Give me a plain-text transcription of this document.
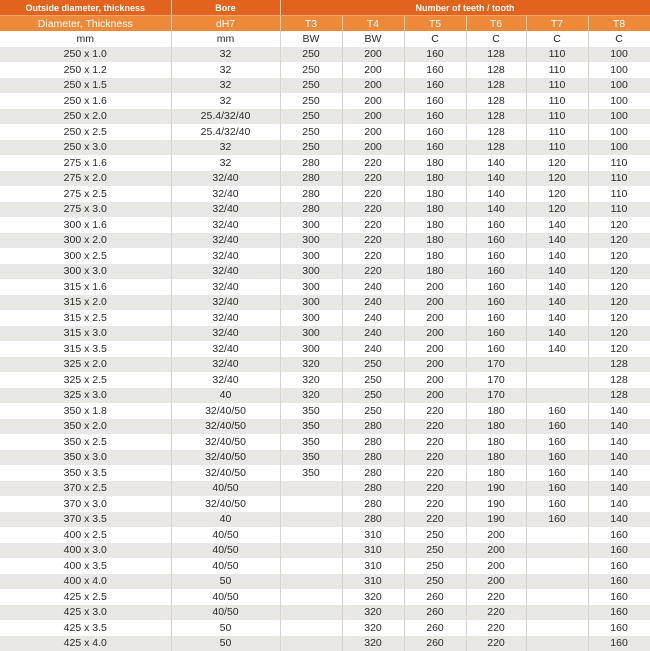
Outside diameter, thickness	Bore	Number of teeth / tooth					
Diameter, Thickness	dH7	T3	T4	T5	T6	T7	T8
mm	mm	BW	BW	C	C	C	C
250 x 1.0	32	250	200	160	128	110	100
250 x 1.2	32	250	200	160	128	110	100
250 x 1.5	32	250	200	160	128	110	100
250 x 1.6	32	250	200	160	128	110	100
250 x 2.0	25.4/32/40	250	200	160	128	110	100
250 x 2.5	25.4/32/40	250	200	160	128	110	100
250 x 3.0	32	250	200	160	128	110	100
275 x 1.6	32	280	220	180	140	120	110
275 x 2.0	32/40	280	220	180	140	120	110
275 x 2.5	32/40	280	220	180	140	120	110
275 x 3.0	32/40	280	220	180	140	120	110
300 x 1.6	32/40	300	220	180	160	140	120
300 x 2.0	32/40	300	220	180	160	140	120
300 x 2.5	32/40	300	220	180	160	140	120
300 x 3.0	32/40	300	220	180	160	140	120
315 x 1.6	32/40	300	240	200	160	140	120
315 x 2.0	32/40	300	240	200	160	140	120
315 x 2.5	32/40	300	240	200	160	140	120
315 x 3.0	32/40	300	240	200	160	140	120
315 x 3.5	32/40	300	240	200	160	140	120
325 x 2.0	32/40	320	250	200	170		128
325 x 2.5	32/40	320	250	200	170		128
325 x 3.0	40	320	250	200	170		128
350 x 1.8	32/40/50	350	250	220	180	160	140
350 x 2.0	32/40/50	350	280	220	180	160	140
350 x 2.5	32/40/50	350	280	220	180	160	140
350 x 3.0	32/40/50	350	280	220	180	160	140
350 x 3.5	32/40/50	350	280	220	180	160	140
370 x 2.5	40/50		280	220	190	160	140
370 x 3.0	32/40/50		280	220	190	160	140
370 x 3.5	40		280	220	190	160	140
400 x 2.5	40/50		310	250	200		160
400 x 3.0	40/50		310	250	200		160
400 x 3.5	40/50		310	250	200		160
400 x 4.0	50		310	250	200		160
425 x 2.5	40/50		320	260	220		160
425 x 3.0	40/50		320	260	220		160
425 x 3.5	50		320	260	220		160
425 x 4.0	50		320	260	220		160
